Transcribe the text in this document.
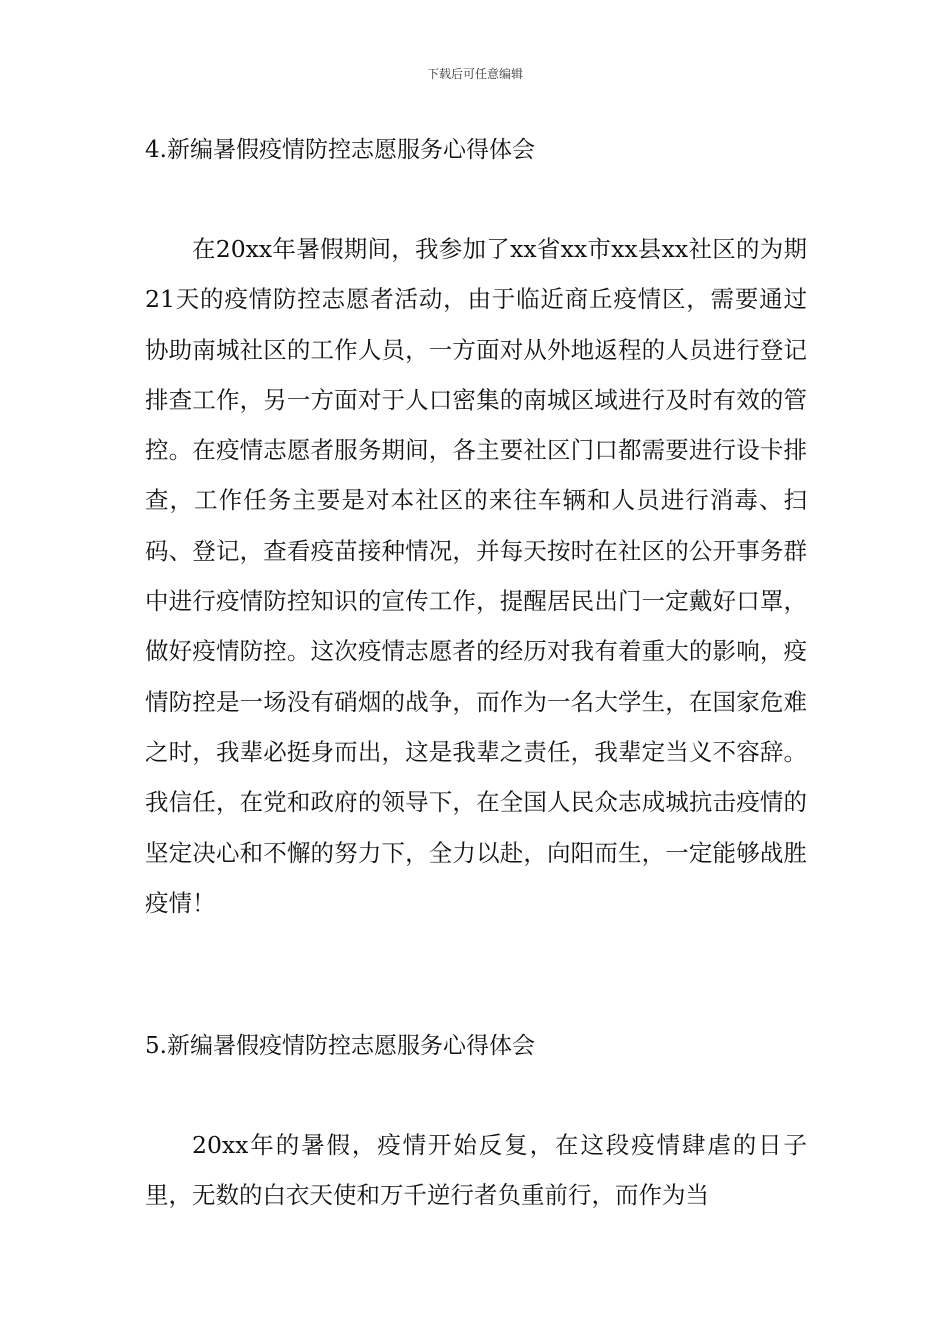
下载后可任意编辑
4.新编暑假疫情防控志愿服务心得体会

在20xx年暑假期间，我参加了xx省xx市xx县xx社区的为期21天的疫情防控志愿者活动，由于临近商丘疫情区，需要通过协助南城社区的工作人员，一方面对从外地返程的人员进行登记排查工作，另一方面对于人口密集的南城区域进行及时有效的管控。在疫情志愿者服务期间，各主要社区门口都需要进行设卡排查，工作任务主要是对本社区的来往车辆和人员进行消毒、扫码、登记，查看疫苗接种情况，并每天按时在社区的公开事务群中进行疫情防控知识的宣传工作，提醒居民出门一定戴好口罩，做好疫情防控。这次疫情志愿者的经历对我有着重大的影响，疫情防控是一场没有硝烟的战争，而作为一名大学生，在国家危难之时，我辈必挺身而出，这是我辈之责任，我辈定当义不容辞。我信任，在党和政府的领导下，在全国人民众志成城抗击疫情的坚定决心和不懈的努力下，全力以赴，向阳而生，一定能够战胜疫情！

5.新编暑假疫情防控志愿服务心得体会

20xx年的暑假，疫情开始反复，在这段疫情肆虐的日子里，无数的白衣天使和万千逆行者负重前行，而作为当
